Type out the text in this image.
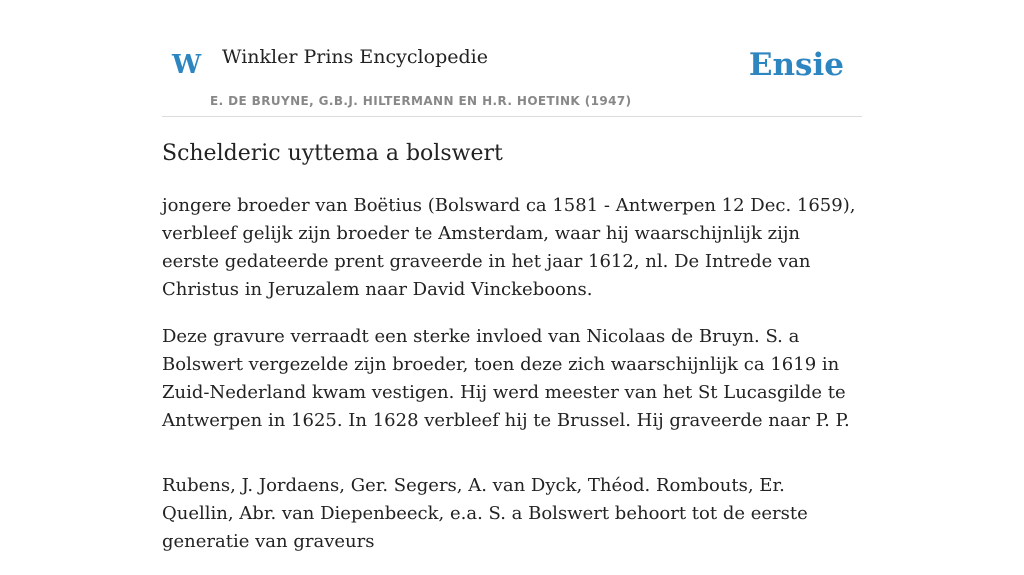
W Winkler Prins Encyclopedie
E. DE BRUYNE, G.B.J. HILTERMANN EN H.R. HOETINK (1947)
Ensie
Schelderic uyttema a bolswert

jongere broeder van Boëtius (Bolsward ca 1581 - Antwerpen 12 Dec. 1659), verbleef gelijk zijn broeder te Amsterdam, waar hij waarschijnlijk zijn eerste gedateerde prent graveerde in het jaar 1612, nl. De Intrede van Christus in Jeruzalem naar David Vinckeboons.

Deze gravure verraadt een sterke invloed van Nicolaas de Bruyn. S. a Bolswert vergezelde zijn broeder, toen deze zich waarschijnlijk ca 1619 in Zuid-Nederland kwam vestigen. Hij werd meester van het St Lucasgilde te Antwerpen in 1625. In 1628 verbleef hij te Brussel. Hij graveerde naar P. P.

Rubens, J. Jordaens, Ger. Segers, A. van Dyck, Théod. Rombouts, Er. Quellin, Abr. van Diepenbeeck, e.a. S. a Bolswert behoort tot de eerste generatie van graveurs
